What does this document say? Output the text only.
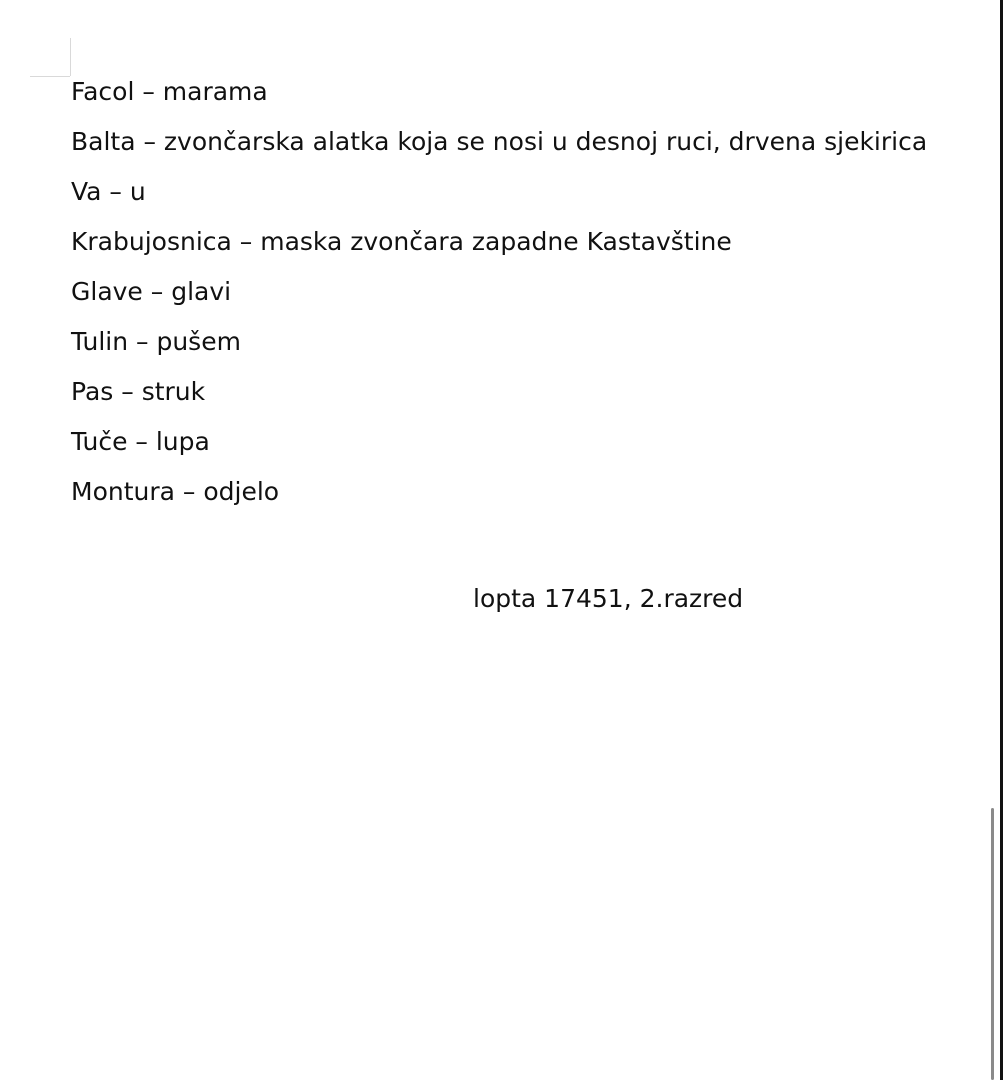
Facol – marama
Balta – zvončarska alatka koja se nosi u desnoj ruci, drvena sjekirica
Va – u
Krabujosnica – maska zvončara zapadne Kastavštine
Glave – glavi
Tulin – pušem
Pas – struk
Tuče – lupa
Montura – odjelo
lopta 17451, 2.razred
